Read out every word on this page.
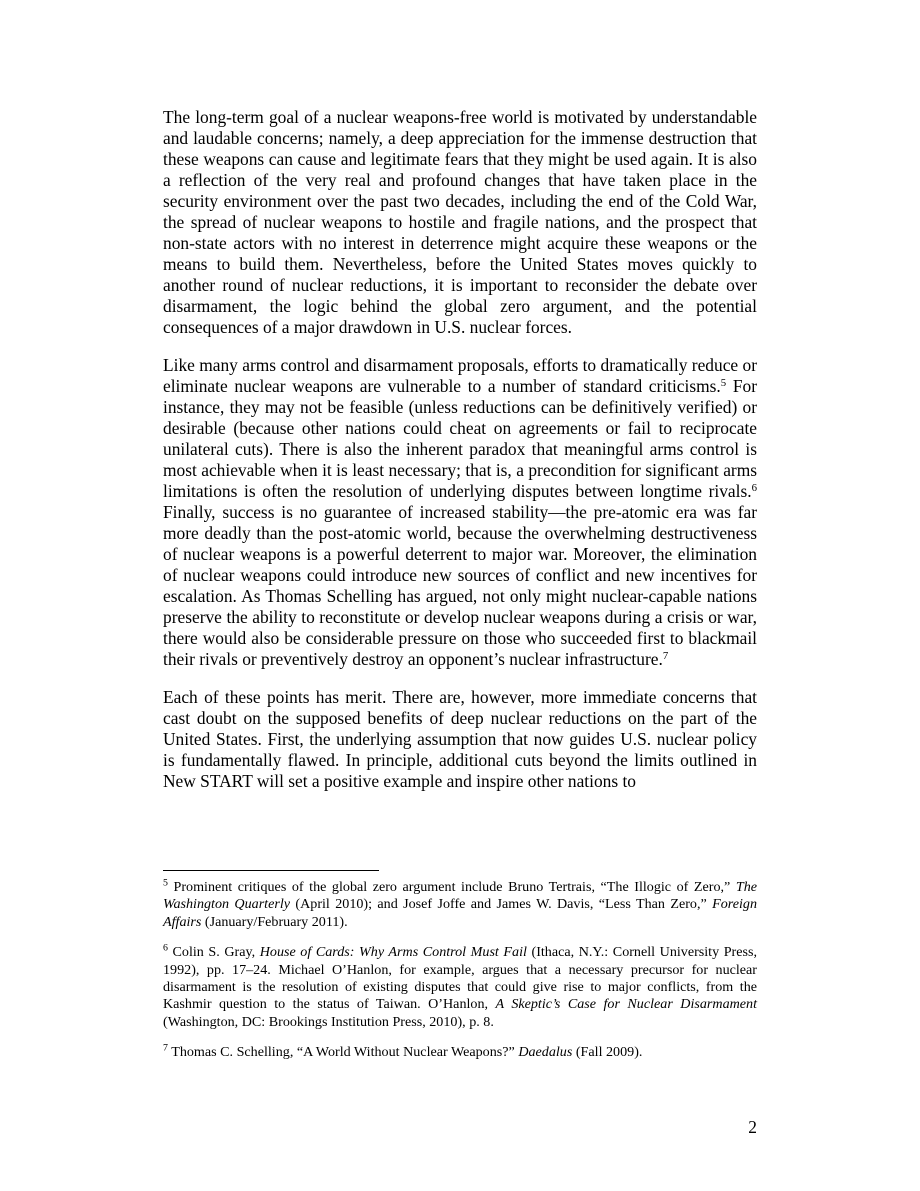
The long-term goal of a nuclear weapons-free world is motivated by understandable and laudable concerns; namely, a deep appreciation for the immense destruction that these weapons can cause and legitimate fears that they might be used again. It is also a reflection of the very real and profound changes that have taken place in the security environment over the past two decades, including the end of the Cold War, the spread of nuclear weapons to hostile and fragile nations, and the prospect that non-state actors with no interest in deterrence might acquire these weapons or the means to build them. Nevertheless, before the United States moves quickly to another round of nuclear reductions, it is important to reconsider the debate over disarmament, the logic behind the global zero argument, and the potential consequences of a major drawdown in U.S. nuclear forces.

Like many arms control and disarmament proposals, efforts to dramatically reduce or eliminate nuclear weapons are vulnerable to a number of standard criticisms.$^5$ For instance, they may not be feasible (unless reductions can be definitively verified) or desirable (because other nations could cheat on agreements or fail to reciprocate unilateral cuts). There is also the inherent paradox that meaningful arms control is most achievable when it is least necessary; that is, a precondition for significant arms limitations is often the resolution of underlying disputes between longtime rivals.$^6$ Finally, success is no guarantee of increased stability—the pre-atomic era was far more deadly than the post-atomic world, because the overwhelming destructiveness of nuclear weapons is a powerful deterrent to major war. Moreover, the elimination of nuclear weapons could introduce new sources of conflict and new incentives for escalation. As Thomas Schelling has argued, not only might nuclear-capable nations preserve the ability to reconstitute or develop nuclear weapons during a crisis or war, there would also be considerable pressure on those who succeeded first to blackmail their rivals or preventively destroy an opponent’s nuclear infrastructure.$^7$

Each of these points has merit. There are, however, more immediate concerns that cast doubt on the supposed benefits of deep nuclear reductions on the part of the United States. First, the underlying assumption that now guides U.S. nuclear policy is fundamentally flawed. In principle, additional cuts beyond the limits outlined in New START will set a positive example and inspire other nations to

$^5$ Prominent critiques of the global zero argument include Bruno Tertrais, “The Illogic of Zero,” The Washington Quarterly (April 2010); and Josef Joffe and James W. Davis, “Less Than Zero,” Foreign Affairs (January/February 2011).
$^6$ Colin S. Gray, House of Cards: Why Arms Control Must Fail (Ithaca, N.Y.: Cornell University Press, 1992), pp. 17–24. Michael O’Hanlon, for example, argues that a necessary precursor for nuclear disarmament is the resolution of existing disputes that could give rise to major conflicts, from the Kashmir question to the status of Taiwan. O’Hanlon, A Skeptic’s Case for Nuclear Disarmament (Washington, DC: Brookings Institution Press, 2010), p. 8.
$^7$ Thomas C. Schelling, “A World Without Nuclear Weapons?” Daedalus (Fall 2009).
2
